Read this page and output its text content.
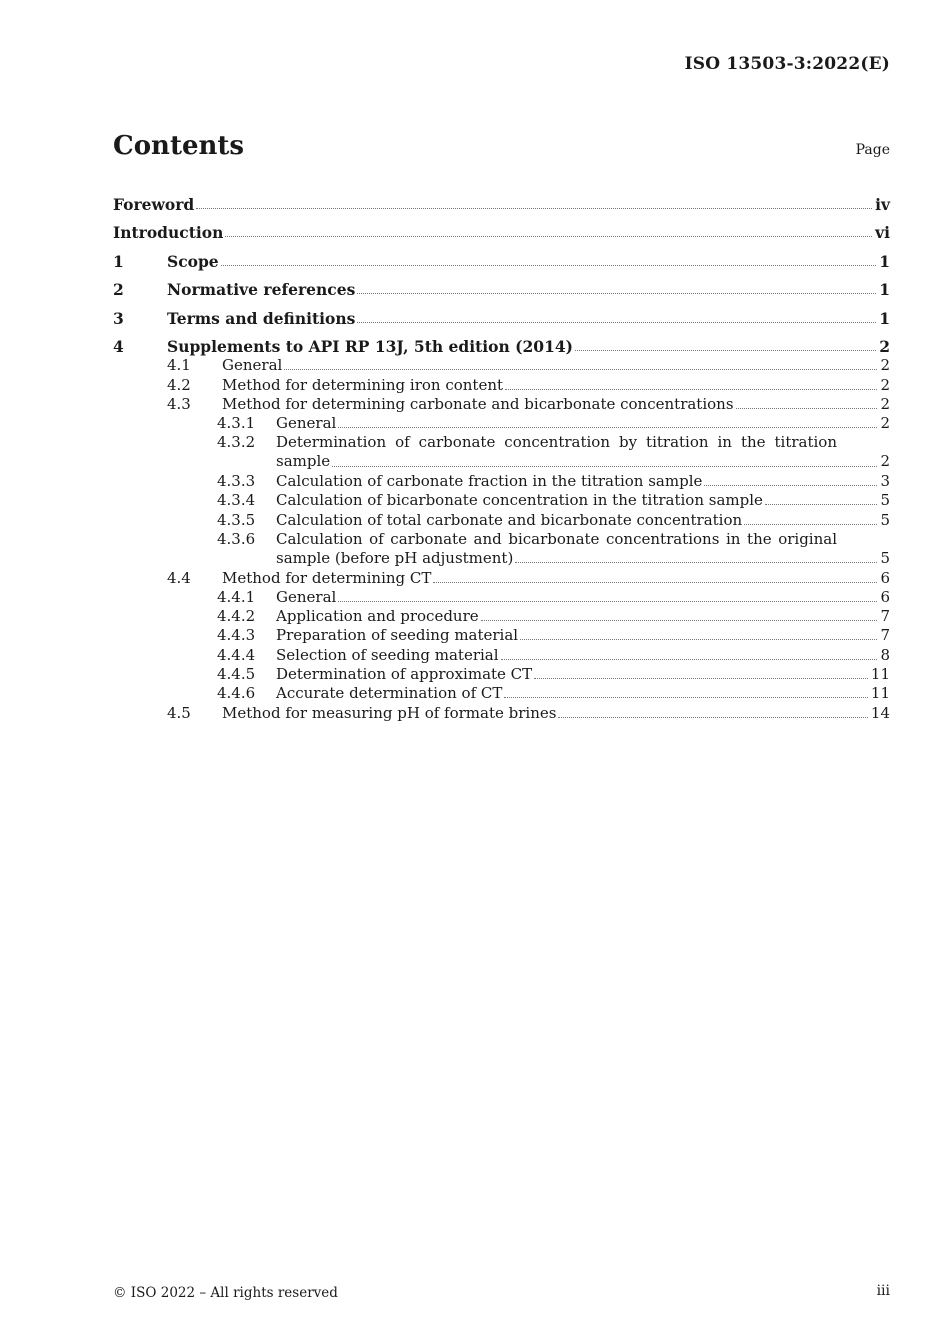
ISO 13503-3:2022(E)
Contents	Page
Foreword	iv
Introduction	vi
1	Scope	1
2	Normative references	1
3	Terms and definitions	1
4	Supplements to API RP 13J, 5th edition (2014)	2
4.1	General	2
4.2	Method for determining iron content	2
4.3	Method for determining carbonate and bicarbonate concentrations	2
4.3.1	General	2
4.3.2	Determination of carbonate concentration by titration in the titration
sample	2
4.3.3	Calculation of carbonate fraction in the titration sample	3
4.3.4	Calculation of bicarbonate concentration in the titration sample	5
4.3.5	Calculation of total carbonate and bicarbonate concentration	5
4.3.6	Calculation of carbonate and bicarbonate concentrations in the original
sample (before pH adjustment)	5
4.4	Method for determining CT	6
4.4.1	General	6
4.4.2	Application and procedure	7
4.4.3	Preparation of seeding material	7
4.4.4	Selection of seeding material	8
4.4.5	Determination of approximate CT	11
4.4.6	Accurate determination of CT	11
4.5	Method for measuring pH of formate brines	14
© ISO 2022 – All rights reserved	iii
